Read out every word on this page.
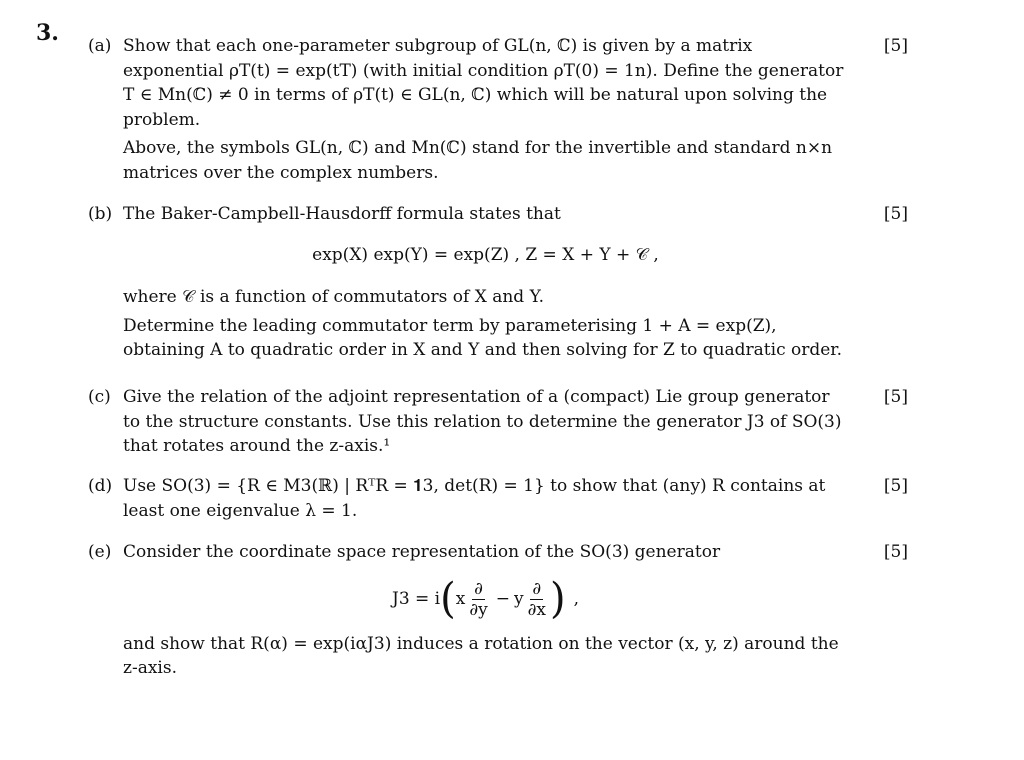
3. (a) Show that each one-parameter subgroup of GL(n, ℂ) is given by a matrix exponential ρT(t) = exp(tT) (with initial condition ρT(0) = 1n). Define the generator T ∈ Mn(ℂ) ≠ 0 in terms of ρT(t) ∈ GL(n, ℂ) which will be natural upon solving the problem.
Above, the symbols GL(n, ℂ) and Mn(ℂ) stand for the invertible and standard n×n matrices over the complex numbers.
[5]
(b) The Baker-Campbell-Hausdorff formula states that
exp(X) exp(Y) = exp(Z) , Z = X + Y + 𝒞 ,
where 𝒞 is a function of commutators of X and Y.
Determine the leading commutator term by parameterising 1 + A = exp(Z), obtaining A to quadratic order in X and Y and then solving for Z to quadratic order.
[5]
(c) Give the relation of the adjoint representation of a (compact) Lie group generator to the structure constants. Use this relation to determine the generator J3 of SO(3) that rotates around the z-axis.¹
[5]
(d) Use SO(3) = {R ∈ M3(ℝ) | RᵀR = 𝟏3, det(R) = 1} to show that (any) R contains at least one eigenvalue λ = 1.
[5]
(e) Consider the coordinate space representation of the SO(3) generator
J3 = i ( x $\frac{\partial}{\partial y} - y \frac{\partial}{\partial x}$ ) ,
and show that R(α) = exp(iαJ3) induces a rotation on the vector (x, y, z) around the z-axis.
[5]
